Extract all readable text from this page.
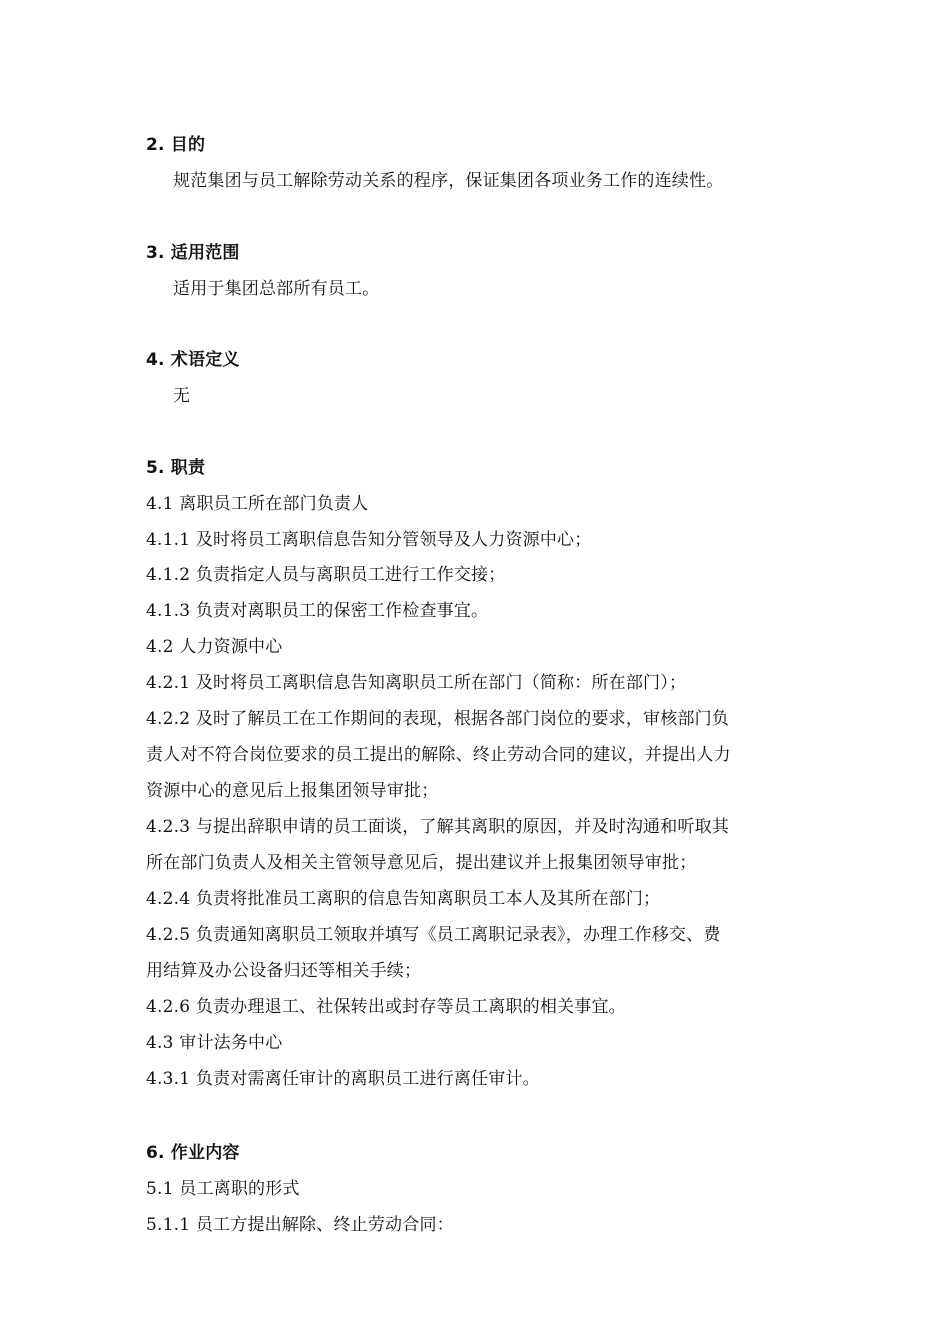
2. 目的
规范集团与员工解除劳动关系的程序，保证集团各项业务工作的连续性。
3. 适用范围
适用于集团总部所有员工。
4. 术语定义
无
5. 职责
4.1 离职员工所在部门负责人
4.1.1 及时将员工离职信息告知分管领导及人力资源中心；
4.1.2 负责指定人员与离职员工进行工作交接；
4.1.3 负责对离职员工的保密工作检查事宜。
4.2 人力资源中心
4.2.1 及时将员工离职信息告知离职员工所在部门（简称：所在部门）；
4.2.2 及时了解员工在工作期间的表现，根据各部门岗位的要求，审核部门负
责人对不符合岗位要求的员工提出的解除、终止劳动合同的建议，并提出人力
资源中心的意见后上报集团领导审批；
4.2.3 与提出辞职申请的员工面谈，了解其离职的原因，并及时沟通和听取其
所在部门负责人及相关主管领导意见后，提出建议并上报集团领导审批；
4.2.4 负责将批准员工离职的信息告知离职员工本人及其所在部门；
4.2.5 负责通知离职员工领取并填写《员工离职记录表》，办理工作移交、费
用结算及办公设备归还等相关手续；
4.2.6 负责办理退工、社保转出或封存等员工离职的相关事宜。
4.3 审计法务中心
4.3.1 负责对需离任审计的离职员工进行离任审计。
6. 作业内容
5.1 员工离职的形式
5.1.1 员工方提出解除、终止劳动合同：
